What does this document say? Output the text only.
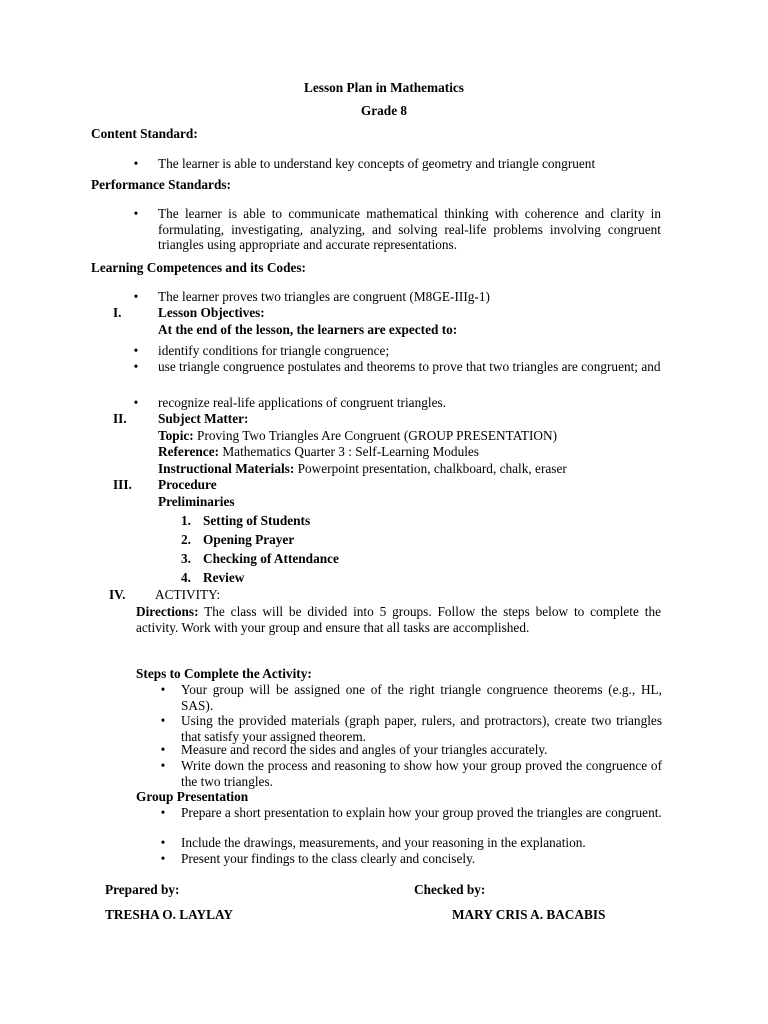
Lesson Plan in Mathematics
Grade 8
Content Standard:
• The learner is able to understand key concepts of geometry and triangle congruent
Performance Standards:
• The learner is able to communicate mathematical thinking with coherence and clarity in formulating, investigating, analyzing, and solving real-life problems involving congruent triangles using appropriate and accurate representations.
Learning Competences and its Codes:
• The learner proves two triangles are congruent (M8GE-IIIg-1)
I.	Lesson Objectives:
At the end of the lesson, the learners are expected to:
• identify conditions for triangle congruence;
• use triangle congruence postulates and theorems to prove that two triangles are congruent; and
• recognize real-life applications of congruent triangles.
II. Subject Matter:
Topic: Proving Two Triangles Are Congruent (GROUP PRESENTATION)
Reference: Mathematics Quarter 3 : Self-Learning Modules
Instructional Materials: Powerpoint presentation, chalkboard, chalk, eraser
III. Procedure
Preliminaries
1. Setting of Students
2. Opening Prayer
3. Checking of Attendance
4. Review
IV. ACTIVITY:
Directions: The class will be divided into 5 groups. Follow the steps below to complete the activity. Work with your group and ensure that all tasks are accomplished.
Steps to Complete the Activity:
• Your group will be assigned one of the right triangle congruence theorems (e.g., HL, SAS).
• Using the provided materials (graph paper, rulers, and protractors), create two triangles that satisfy your assigned theorem.
• Measure and record the sides and angles of your triangles accurately.
• Write down the process and reasoning to show how your group proved the congruence of the two triangles.
Group Presentation
• Prepare a short presentation to explain how your group proved the triangles are congruent.
• Include the drawings, measurements, and your reasoning in the explanation.
• Present your findings to the class clearly and concisely.
Prepared by:	Checked by:
TRESHA O. LAYLAY	MARY CRIS A. BACABIS
